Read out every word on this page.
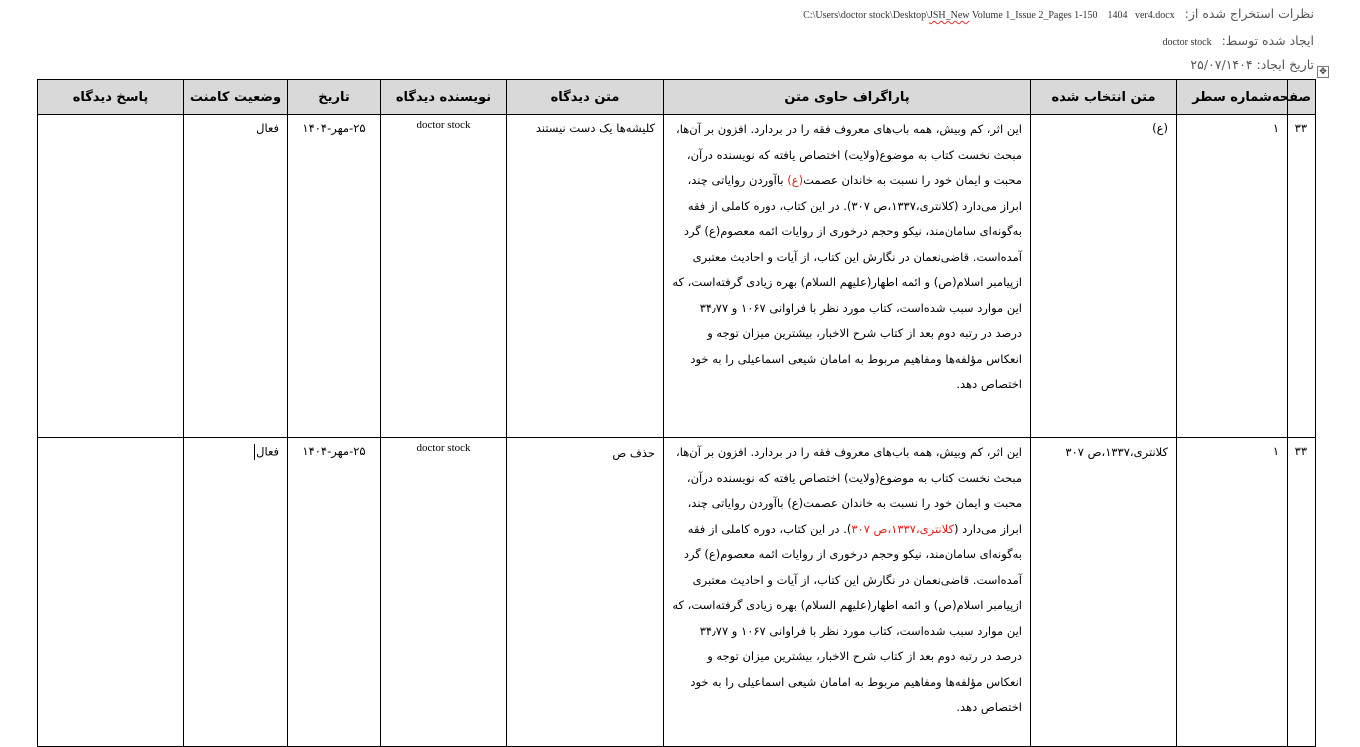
نظرات استخراج شده از: C:\Users\doctor stock\Desktop\JSH_New Volume 1_Issue 2_Pages 1-150    1404   ver4.docx
ایجاد شده توسط: doctor stock
تاریخ ایجاد: ۲۵/۰۷/۱۴۰۴	✥
صفحه	شماره سطر	متن انتخاب شده	پاراگراف حاوی متن	متن دیدگاه	نویسنده دیدگاه	تاریخ	وضعیت کامنت	پاسخ دیدگاه
۳۳	۱	(ع)	این اثر، کم وبیش، همه باب‌های معروف فقه را در بردارد. افزون بر آن‌ها، مبحث نخست کتاب به موضوع(ولایت) اختصاص یافته که نویسنده درآن، محبت و ایمان خود را نسبت به خاندان عصمت(ع) باآوردن روایاتی چند، ابراز می‌دارد (کلانتری،۱۳۳۷،ص ۳۰۷). در این کتاب، دوره کاملی از فقه به‌گونه‌ای سامان‌مند، نیکو وحجم درخوری از روایات ائمه معصوم(ع) گرد آمده‌است. قاضی‌نعمان در نگارش این کتاب، از آیات و احادیث معتبری ازپیامبر اسلام(ص) و ائمه اطهار(علیهم السلام) بهره زیادی گرفته‌است، که این موارد سبب شده‌است، کتاب مورد نظر با فراوانی ۱۰۶۷ و ۳۴٫۷۷ درصد در رتبه دوم بعد از کتاب شرح الاخبار، بیشترین میزان توجه و انعکاس مؤلفه‌ها ومفاهیم مربوط به امامان شیعی اسماعیلی را به خود اختصاص دهد.	کلیشه‌ها یک دست نیستند	doctor stock	۲۵-مهر-۱۴۰۴	فعال	
۳۳	۱	کلانتری،۱۳۳۷،ص ۳۰۷	این اثر، کم وبیش، همه باب‌های معروف فقه را در بردارد. افزون بر آن‌ها، مبحث نخست کتاب به موضوع(ولایت) اختصاص یافته که نویسنده درآن، محبت و ایمان خود را نسبت به خاندان عصمت(ع) باآوردن روایاتی چند، ابراز می‌دارد (کلانتری،۱۳۳۷،ص ۳۰۷). در این کتاب، دوره کاملی از فقه به‌گونه‌ای سامان‌مند، نیکو وحجم درخوری از روایات ائمه معصوم(ع) گرد آمده‌است. قاضی‌نعمان در نگارش این کتاب، از آیات و احادیث معتبری ازپیامبر اسلام(ص) و ائمه اطهار(علیهم السلام) بهره زیادی گرفته‌است، که این موارد سبب شده‌است، کتاب مورد نظر با فراوانی ۱۰۶۷ و ۳۴٫۷۷ درصد در رتبه دوم بعد از کتاب شرح الاخبار، بیشترین میزان توجه و انعکاس مؤلفه‌ها ومفاهیم مربوط به امامان شیعی اسماعیلی را به خود اختصاص دهد.	حذف ص	doctor stock	۲۵-مهر-۱۴۰۴	فعال	
